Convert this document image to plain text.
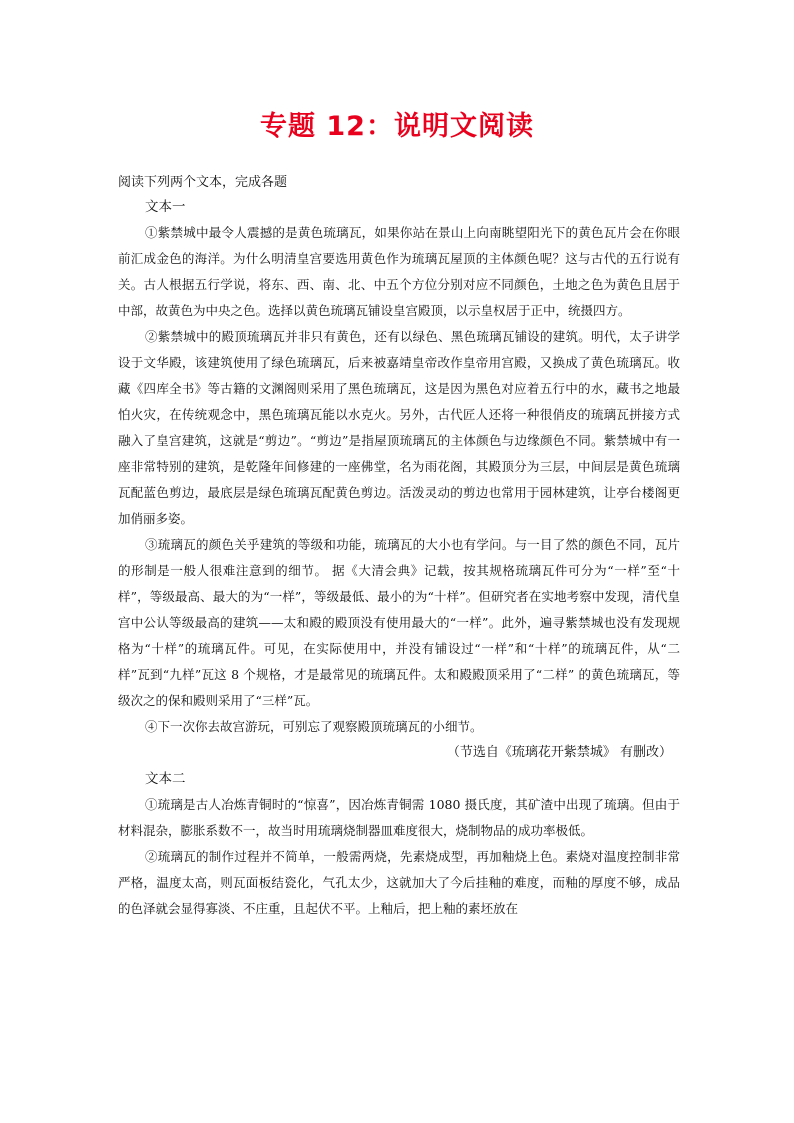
专题 12：说明文阅读
阅读下列两个文本，完成各题
文本一

①紫禁城中最令人震撼的是黄色琉璃瓦，如果你站在景山上向南眺望阳光下的黄色瓦片会在你眼前汇成金色的海洋。为什么明清皇宫要选用黄色作为琉璃瓦屋顶的主体颜色呢？这与古代的五行说有关。古人根据五行学说，将东、西、南、北、中五个方位分别对应不同颜色，土地之色为黄色且居于中部，故黄色为中央之色。选择以黄色琉璃瓦铺设皇宫殿顶，以示皇权居于正中，统摄四方。

②紫禁城中的殿顶琉璃瓦并非只有黄色，还有以绿色、黑色琉璃瓦铺设的建筑。明代，太子讲学设于文华殿，该建筑使用了绿色琉璃瓦，后来被嘉靖皇帝改作皇帝用宫殿，又换成了黄色琉璃瓦。收藏《四库全书》等古籍的文渊阁则采用了黑色琉璃瓦，这是因为黑色对应着五行中的水，藏书之地最怕火灾，在传统观念中，黑色琉璃瓦能以水克火。另外，古代匠人还将一种很俏皮的琉璃瓦拼接方式融入了皇宫建筑，这就是“剪边”。“剪边”是指屋顶琉璃瓦的主体颜色与边缘颜色不同。紫禁城中有一座非常特别的建筑，是乾隆年间修建的一座佛堂，名为雨花阁，其殿顶分为三层，中间层是黄色琉璃瓦配蓝色剪边，最底层是绿色琉璃瓦配黄色剪边。活泼灵动的剪边也常用于园林建筑，让亭台楼阁更加俏丽多姿。

③琉璃瓦的颜色关乎建筑的等级和功能，琉璃瓦的大小也有学问。与一目了然的颜色不同，瓦片的形制是一般人很难注意到的细节。 据《大清会典》记载，按其规格琉璃瓦件可分为“一样”至“十样”，等级最高、最大的为“一样”，等级最低、最小的为“十样”。但研究者在实地考察中发现，清代皇宫中公认等级最高的建筑——太和殿的殿顶没有使用最大的“一样”。此外，遍寻紫禁城也没有发现规格为“十样”的琉璃瓦件。可见，在实际使用中，并没有铺设过“一样”和“十样”的琉璃瓦件，从“二样”瓦到“九样”瓦这 8 个规格，才是最常见的琉璃瓦件。太和殿殿顶采用了“二样” 的黄色琉璃瓦，等级次之的保和殿则采用了“三样”瓦。

④下一次你去故宫游玩，可别忘了观察殿顶琉璃瓦的小细节。

（节选自《琉璃花开紫禁城》 有删改）
文本二

①琉璃是古人冶炼青铜时的“惊喜”，因冶炼青铜需 1080 摄氏度，其矿渣中出现了琉璃。但由于材料混杂，膨胀系数不一，故当时用琉璃烧制器皿难度很大，烧制物品的成功率极低。

②琉璃瓦的制作过程并不简单，一般需两烧，先素烧成型，再加釉烧上色。素烧对温度控制非常严格，温度太高，则瓦面板结瓷化，气孔太少，这就加大了今后挂釉的难度，而釉的厚度不够，成品的色泽就会显得寡淡、不庄重，且起伏不平。上釉后，把上釉的素坯放在
